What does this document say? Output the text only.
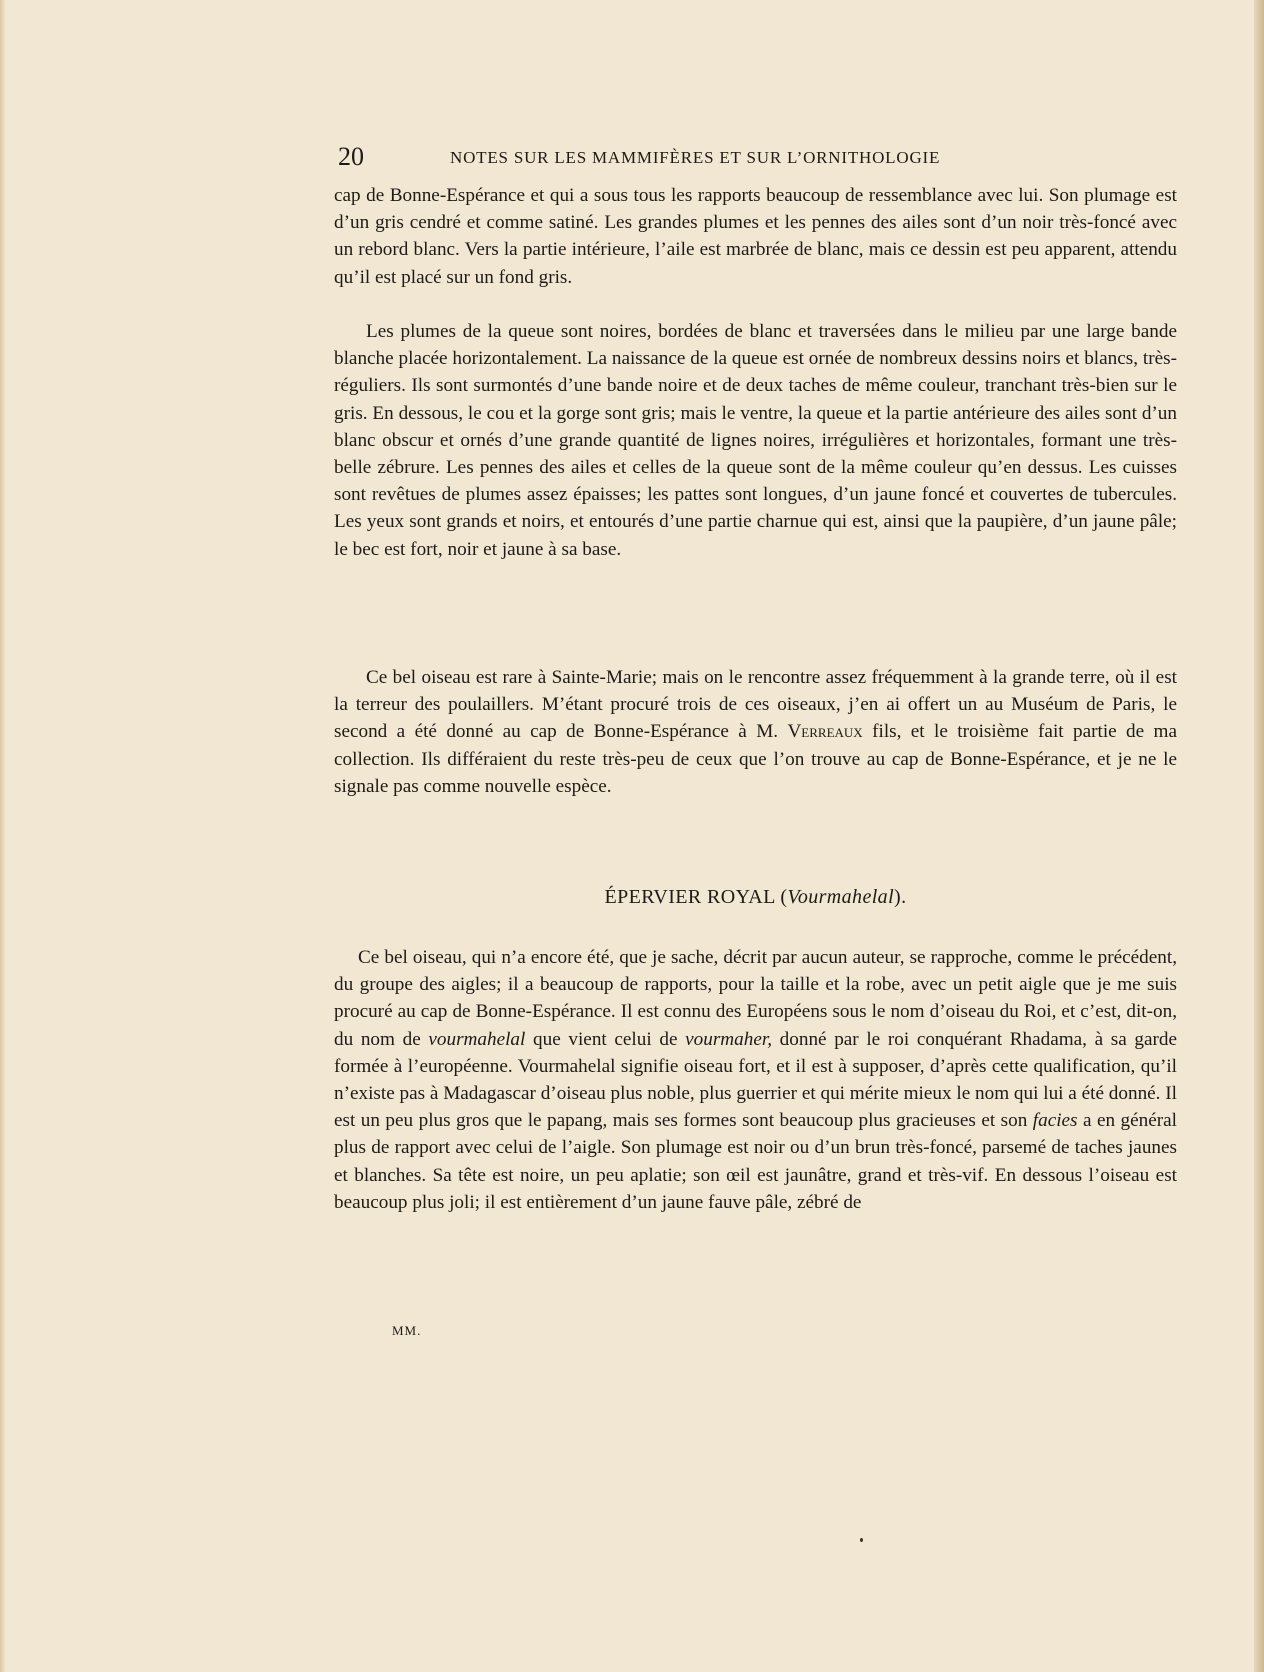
20	NOTES SUR LES MAMMIFÈRES ET SUR L’ORNITHOLOGIE

cap de Bonne-Espérance et qui a sous tous les rapports beaucoup de ressemblance avec lui. Son plumage est d’un gris cendré et comme satiné. Les grandes plumes et les pennes des ailes sont d’un noir très-foncé avec un rebord blanc. Vers la partie intérieure, l’aile est marbrée de blanc, mais ce dessin est peu apparent, attendu qu’il est placé sur un fond gris.

Les plumes de la queue sont noires, bordées de blanc et traversées dans le milieu par une large bande blanche placée horizontalement. La naissance de la queue est ornée de nombreux dessins noirs et blancs, très-réguliers. Ils sont surmontés d’une bande noire et de deux taches de même couleur, tranchant très-bien sur le gris. En dessous, le cou et la gorge sont gris; mais le ventre, la queue et la partie antérieure des ailes sont d’un blanc obscur et ornés d’une grande quantité de lignes noires, irrégulières et horizontales, formant une très-belle zébrure. Les pennes des ailes et celles de la queue sont de la même couleur qu’en dessus. Les cuisses sont revêtues de plumes assez épaisses; les pattes sont longues, d’un jaune foncé et couvertes de tubercules. Les yeux sont grands et noirs, et entourés d’une partie charnue qui est, ainsi que la paupière, d’un jaune pâle; le bec est fort, noir et jaune à sa base.

Ce bel oiseau est rare à Sainte-Marie; mais on le rencontre assez fréquemment à la grande terre, où il est la terreur des poulaillers. M’étant procuré trois de ces oiseaux, j’en ai offert un au Muséum de Paris, le second a été donné au cap de Bonne-Espérance à M. Verreaux fils, et le troisième fait partie de ma collection. Ils différaient du reste très-peu de ceux que l’on trouve au cap de Bonne-Espérance, et je ne le signale pas comme nouvelle espèce.

ÉPERVIER ROYAL (Vourmahelal).

Ce bel oiseau, qui n’a encore été, que je sache, décrit par aucun auteur, se rapproche, comme le précédent, du groupe des aigles; il a beaucoup de rapports, pour la taille et la robe, avec un petit aigle que je me suis procuré au cap de Bonne-Espérance. Il est connu des Européens sous le nom d’oiseau du Roi, et c’est, dit-on, du nom de vourmahelal que vient celui de vourmaher, donné par le roi conquérant Rhadama, à sa garde formée à l’européenne. Vourmahelal signifie oiseau fort, et il est à supposer, d’après cette qualification, qu’il n’existe pas à Madagascar d’oiseau plus noble, plus guerrier et qui mérite mieux le nom qui lui a été donné. Il est un peu plus gros que le papang, mais ses formes sont beaucoup plus gracieuses et son facies a en général plus de rapport avec celui de l’aigle. Son plumage est noir ou d’un brun très-foncé, parsemé de taches jaunes et blanches. Sa tête est noire, un peu aplatie; son œil est jaunâtre, grand et très-vif. En dessous l’oiseau est beaucoup plus joli; il est entièrement d’un jaune fauve pâle, zébré de

MM.
